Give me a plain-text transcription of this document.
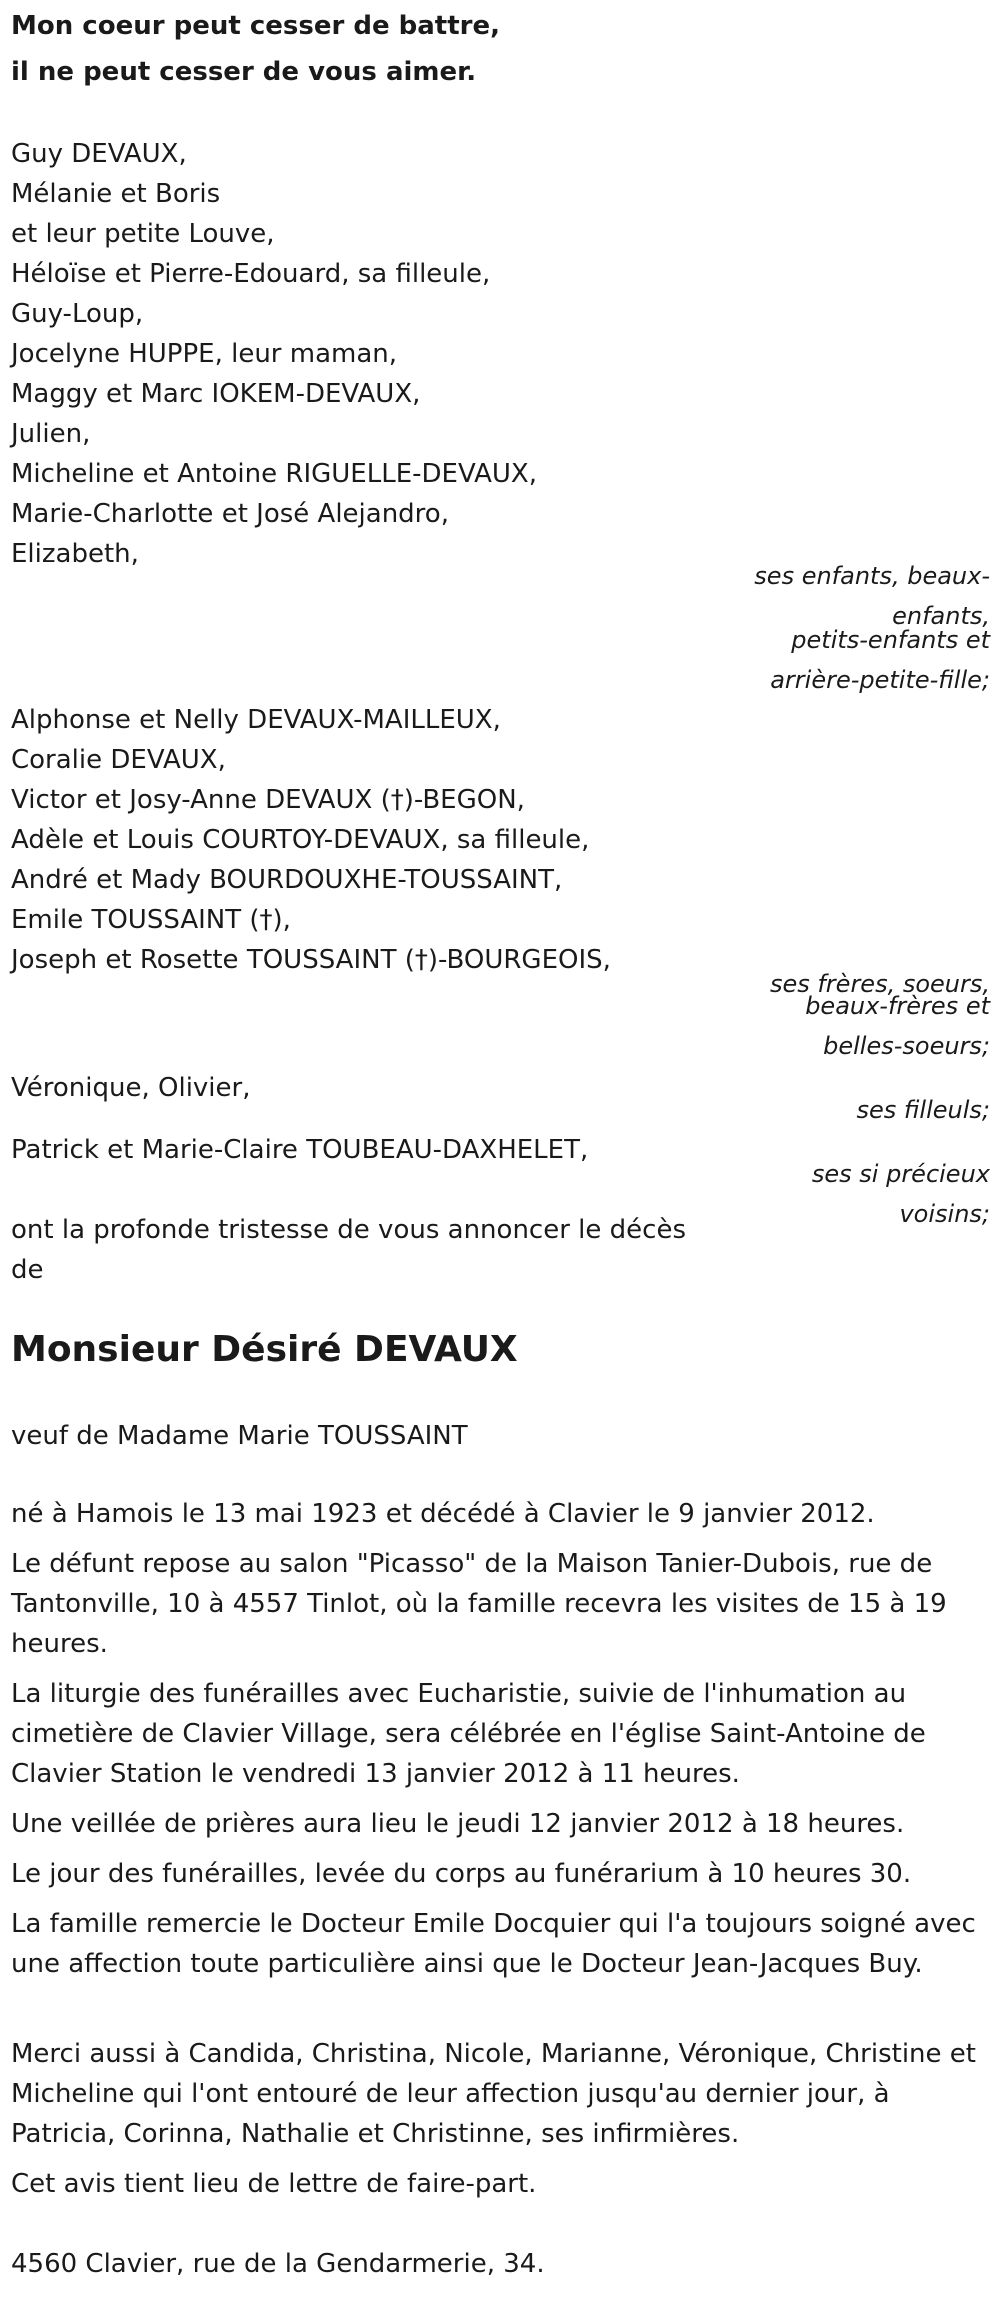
Mon coeur peut cesser de battre,
il ne peut cesser de vous aimer.
Guy DEVAUX,
Mélanie et Boris
et leur petite Louve,
Héloïse et Pierre-Edouard, sa filleule,
Guy-Loup,
Jocelyne HUPPE, leur maman,
Maggy et Marc IOKEM-DEVAUX,
Julien,
Micheline et Antoine RIGUELLE-DEVAUX,
Marie-Charlotte et José Alejandro,
Elizabeth,
ses enfants, beaux-
enfants,
petits-enfants et
arrière-petite-fille;
Alphonse et Nelly DEVAUX-MAILLEUX,
Coralie DEVAUX,
Victor et Josy-Anne DEVAUX (†)-BEGON,
Adèle et Louis COURTOY-DEVAUX, sa filleule,
André et Mady BOURDOUXHE-TOUSSAINT,
Emile TOUSSAINT (†),
Joseph et Rosette TOUSSAINT (†)-BOURGEOIS,
ses frères, soeurs,
beaux-frères et
belles-soeurs;
Véronique, Olivier,
ses filleuls;
Patrick et Marie-Claire TOUBEAU-DAXHELET,
ses si précieux
voisins;
ont la profonde tristesse de vous annoncer le décès
de
Monsieur Désiré DEVAUX
veuf de Madame Marie TOUSSAINT
né à Hamois le 13 mai 1923 et décédé à Clavier le 9 janvier 2012.
Le défunt repose au salon "Picasso" de la Maison Tanier-Dubois, rue de Tantonville, 10 à 4557 Tinlot, où la famille recevra les visites de 15 à 19 heures.
La liturgie des funérailles avec Eucharistie, suivie de l'inhumation au cimetière de Clavier Village, sera célébrée en l'église Saint-Antoine de Clavier Station le vendredi 13 janvier 2012 à 11 heures.
Une veillée de prières aura lieu le jeudi 12 janvier 2012 à 18 heures.
Le jour des funérailles, levée du corps au funérarium à 10 heures 30.
La famille remercie le Docteur Emile Docquier qui l'a toujours soigné avec une affection toute particulière ainsi que le Docteur Jean-Jacques Buy.
Merci aussi à Candida, Christina, Nicole, Marianne, Véronique, Christine et Micheline qui l'ont entouré de leur affection jusqu'au dernier jour, à Patricia, Corinna, Nathalie et Christinne, ses infirmières.
Cet avis tient lieu de lettre de faire-part.
4560 Clavier, rue de la Gendarmerie, 34.
